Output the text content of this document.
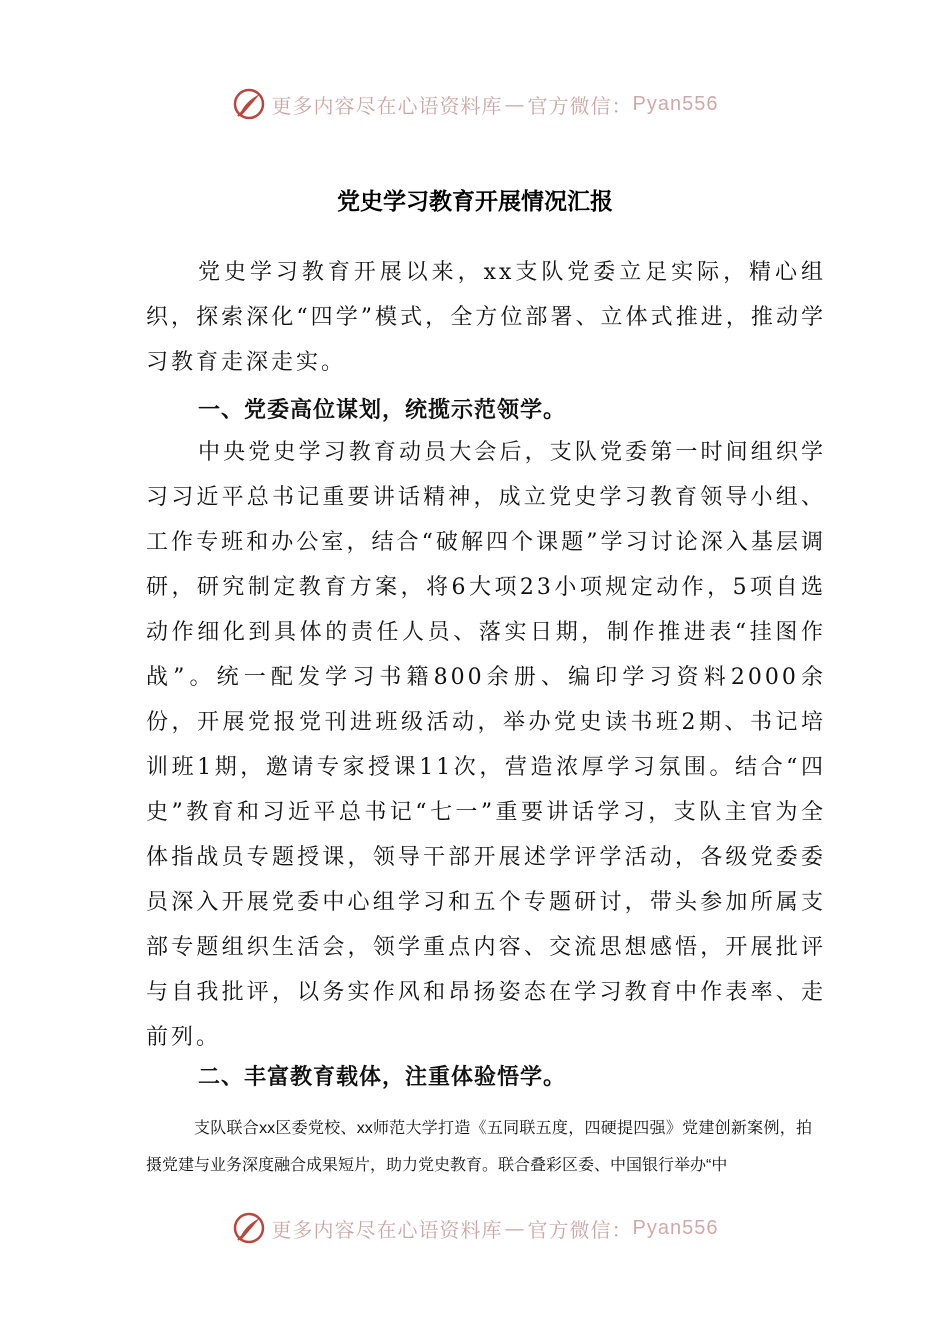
更多内容尽在心语资料库 — 官方微信： Pyan556
党史学习教育开展情况汇报

党史学习教育开展以来，xx支队党委立足实际，精心组织，探索深化“四学”模式，全方位部署、立体式推进，推动学习教育走深走实。

一、党委高位谋划，统揽示范领学。

中央党史学习教育动员大会后，支队党委第一时间组织学习习近平总书记重要讲话精神，成立党史学习教育领导小组、工作专班和办公室，结合“破解四个课题”学习讨论深入基层调研，研究制定教育方案，将6大项23小项规定动作，5项自选动作细化到具体的责任人员、落实日期，制作推进表“挂图作战”。统一配发学习书籍800余册、编印学习资料2000余份，开展党报党刊进班级活动，举办党史读书班2期、书记培训班1期，邀请专家授课11次，营造浓厚学习氛围。结合“四史”教育和习近平总书记“七一”重要讲话学习，支队主官为全体指战员专题授课，领导干部开展述学评学活动，各级党委委员深入开展党委中心组学习和五个专题研讨，带头参加所属支部专题组织生活会，领学重点内容、交流思想感悟，开展批评与自我批评，以务实作风和昂扬姿态在学习教育中作表率、走前列。

二、丰富教育载体，注重体验悟学。

支队联合xx区委党校、xx师范大学打造《五同联五度，四硬提四强》党建创新案例，拍摄党建与业务深度融合成果短片，助力党史教育。联合叠彩区委、中国银行举办“中

更多内容尽在心语资料库 — 官方微信： Pyan556
